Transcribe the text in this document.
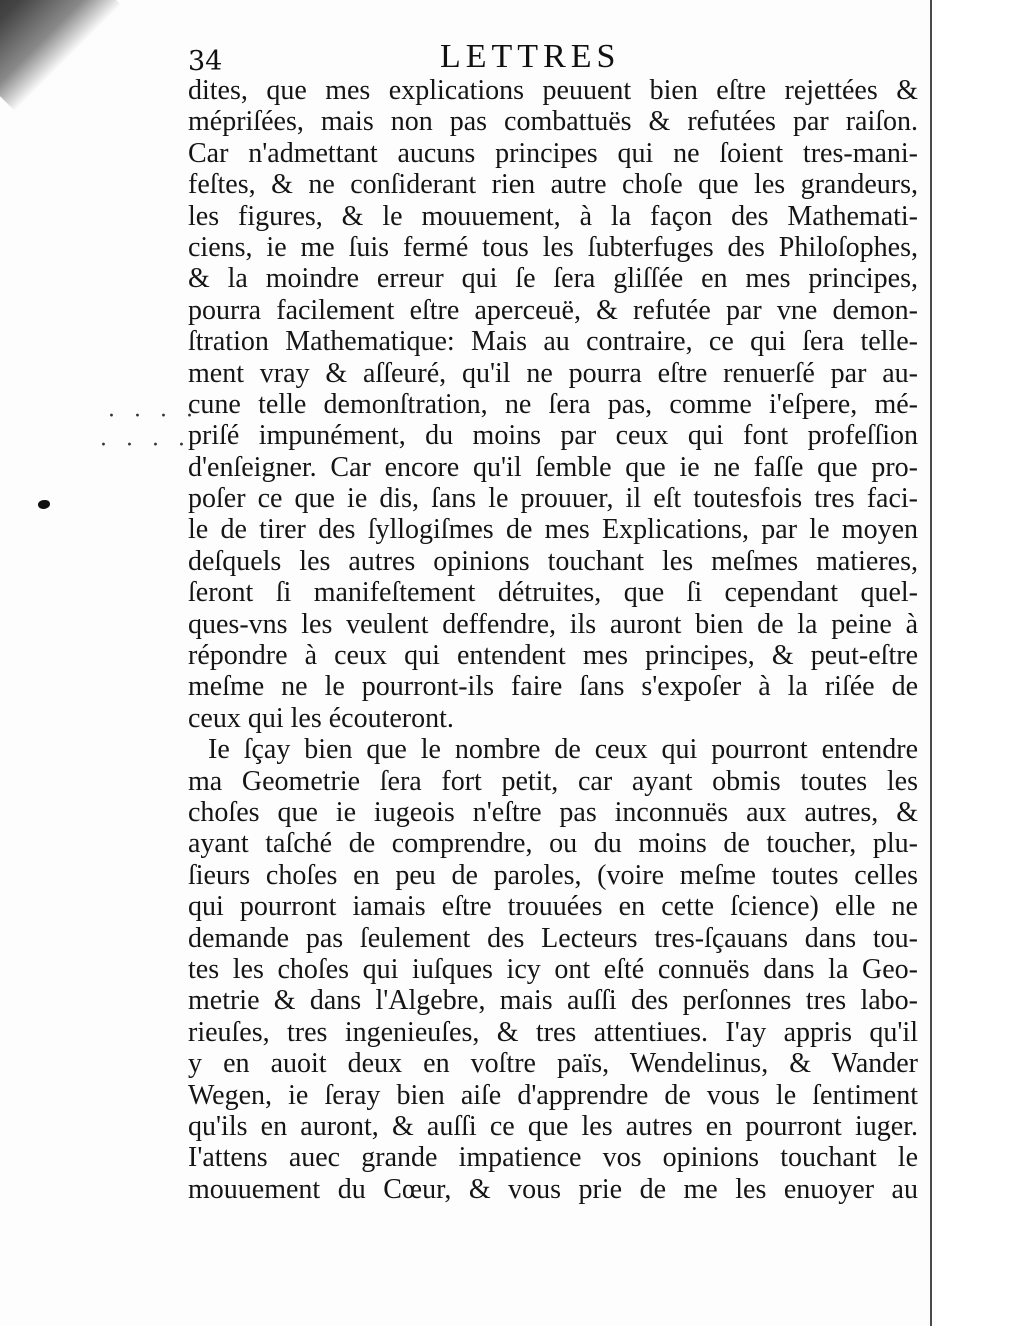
· · · ·
· · · ·
34	LETTRES
dites, que mes explications peuuent bien eſtre rejettées &
mépriſées, mais non pas combattuës & refutées par raiſon.
Car n'admettant aucuns principes qui ne ſoient tres-mani-
feſtes, & ne conſiderant rien autre choſe que les grandeurs,
les figures, & le mouuement, à la façon des Mathemati-
ciens, ie me ſuis fermé tous les ſubterfuges des Philoſophes,
& la moindre erreur qui ſe ſera gliſſée en mes principes,
pourra facilement eſtre aperceuë, & refutée par vne demon-
ſtration Mathematique: Mais au contraire, ce qui ſera telle-
ment vray & aſſeuré, qu'il ne pourra eſtre renuerſé par au-
cune telle demonſtration, ne ſera pas, comme i'eſpere, mé-
priſé impunément, du moins par ceux qui font profeſſion
d'enſeigner. Car encore qu'il ſemble que ie ne faſſe que pro-
poſer ce que ie dis, ſans le prouuer, il eſt toutesfois tres faci-
le de tirer des ſyllogiſmes de mes Explications, par le moyen
deſquels les autres opinions touchant les meſmes matieres,
ſeront ſi manifeſtement détruites, que ſi cependant quel-
ques-vns les veulent deffendre, ils auront bien de la peine à
répondre à ceux qui entendent mes principes, & peut-eſtre
meſme ne le pourront-ils faire ſans s'expoſer à la riſée de
ceux qui les écouteront.
Ie ſçay bien que le nombre de ceux qui pourront entendre
ma Geometrie ſera fort petit, car ayant obmis toutes les
choſes que ie iugeois n'eſtre pas inconnuës aux autres, &
ayant taſché de comprendre, ou du moins de toucher, plu-
ſieurs choſes en peu de paroles, (voire meſme toutes celles
qui pourront iamais eſtre trouuées en cette ſcience) elle ne
demande pas ſeulement des Lecteurs tres-ſçauans dans tou-
tes les choſes qui iuſques icy ont eſté connuës dans la Geo-
metrie & dans l'Algebre, mais auſſi des perſonnes tres labo-
rieuſes, tres ingenieuſes, & tres attentiues. I'ay appris qu'il
y en auoit deux en voſtre païs, Wendelinus, & Wander
Wegen, ie ſeray bien aiſe d'apprendre de vous le ſentiment
qu'ils en auront, & auſſi ce que les autres en pourront iuger.
I'attens auec grande impatience vos opinions touchant le
mouuement du Cœur, & vous prie de me les enuoyer au
